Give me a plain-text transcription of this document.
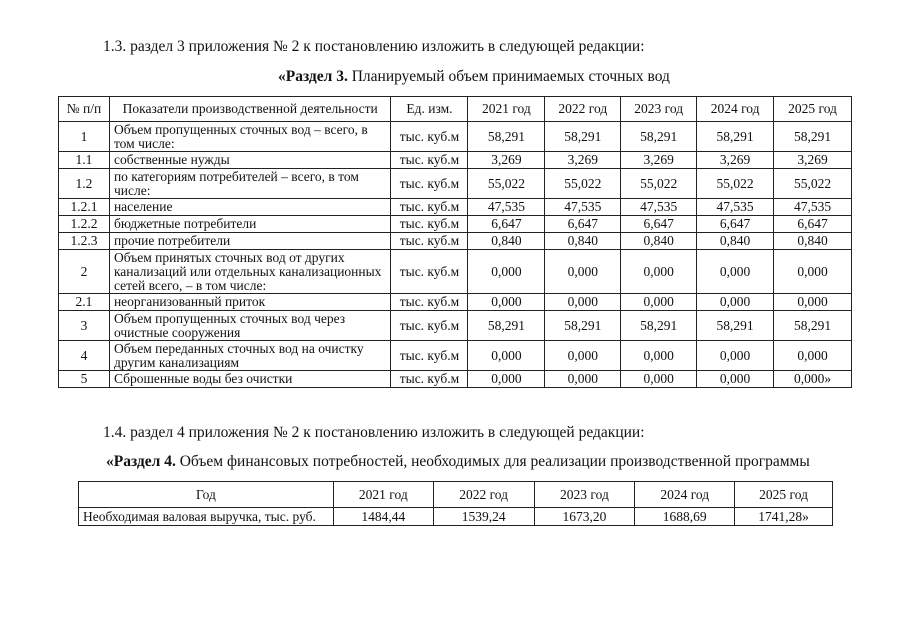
1.3. раздел 3 приложения № 2 к постановлению изложить в следующей редакции:
«Раздел 3. Планируемый объем принимаемых сточных вод
№ п/п	Показатели производственной деятельности	Ед. изм.	2021 год	2022 год	2023 год	2024 год	2025 год
1	Объем пропущенных сточных вод – всего, в том числе:	тыс. куб.м	58,291	58,291	58,291	58,291	58,291
1.1	собственные нужды	тыс. куб.м	3,269	3,269	3,269	3,269	3,269
1.2	по категориям потребителей – всего, в том числе:	тыс. куб.м	55,022	55,022	55,022	55,022	55,022
1.2.1	население	тыс. куб.м	47,535	47,535	47,535	47,535	47,535
1.2.2	бюджетные потребители	тыс. куб.м	6,647	6,647	6,647	6,647	6,647
1.2.3	прочие потребители	тыс. куб.м	0,840	0,840	0,840	0,840	0,840
2	Объем принятых сточных вод от других канализаций или отдельных канализационных сетей всего, – в том числе:	тыс. куб.м	0,000	0,000	0,000	0,000	0,000
2.1	неорганизованный приток	тыс. куб.м	0,000	0,000	0,000	0,000	0,000
3	Объем пропущенных сточных вод через очистные сооружения	тыс. куб.м	58,291	58,291	58,291	58,291	58,291
4	Объем переданных сточных вод на очистку другим канализациям	тыс. куб.м	0,000	0,000	0,000	0,000	0,000
5	Сброшенные воды без очистки	тыс. куб.м	0,000	0,000	0,000	0,000	0,000»
1.4. раздел 4 приложения № 2 к постановлению изложить в следующей редакции:
«Раздел 4. Объем финансовых потребностей, необходимых для реализации производственной программы
Год	2021 год	2022 год	2023 год	2024 год	2025 год
Необходимая валовая выручка, тыс. руб.	1484,44	1539,24	1673,20	1688,69	1741,28»
